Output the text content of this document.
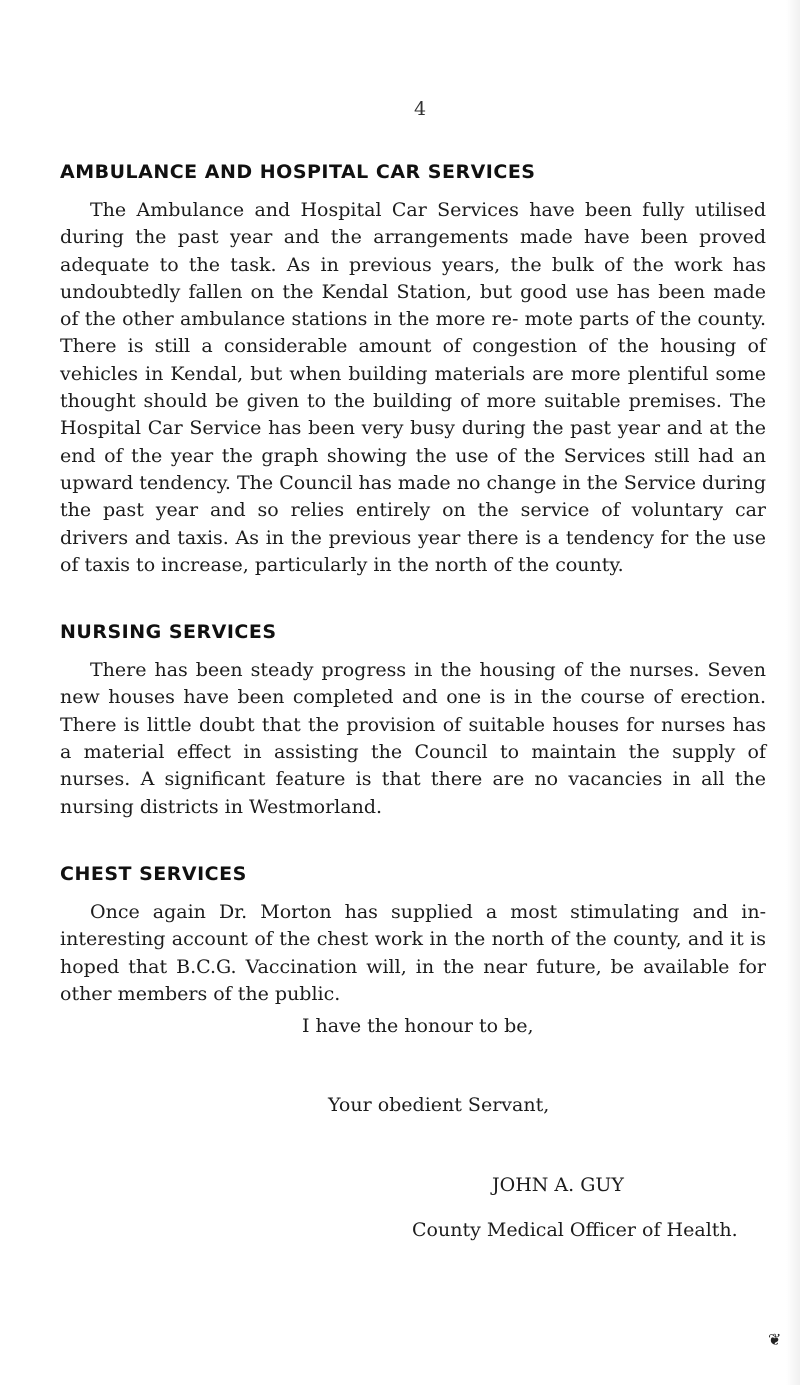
4
AMBULANCE AND HOSPITAL CAR SERVICES

The Ambulance and Hospital Car Services have been fully utilised during the past year and the arrangements made have been proved adequate to the task. As in previous years, the bulk of the work has undoubtedly fallen on the Kendal Station, but good use has been made of the other ambulance stations in the more re- mote parts of the county. There is still a considerable amount of congestion of the housing of vehicles in Kendal, but when building materials are more plentiful some thought should be given to the building of more suitable premises. The Hospital Car Service has been very busy during the past year and at the end of the year the graph showing the use of the Services still had an upward tendency. The Council has made no change in the Service during the past year and so relies entirely on the service of voluntary car drivers and taxis. As in the previous year there is a tendency for the use of taxis to increase, particularly in the north of the county.

NURSING SERVICES

There has been steady progress in the housing of the nurses. Seven new houses have been completed and one is in the course of erection. There is little doubt that the provision of suitable houses for nurses has a material effect in assisting the Council to maintain the supply of nurses. A significant feature is that there are no vacancies in all the nursing districts in Westmorland.

CHEST SERVICES

Once again Dr. Morton has supplied a most stimulating and in- interesting account of the chest work in the north of the county, and it is hoped that B.C.G. Vaccination will, in the near future, be available for other members of the public.

I have the honour to be,
Your obedient Servant,
JOHN A. GUY
County Medical Officer of Health.
❦
